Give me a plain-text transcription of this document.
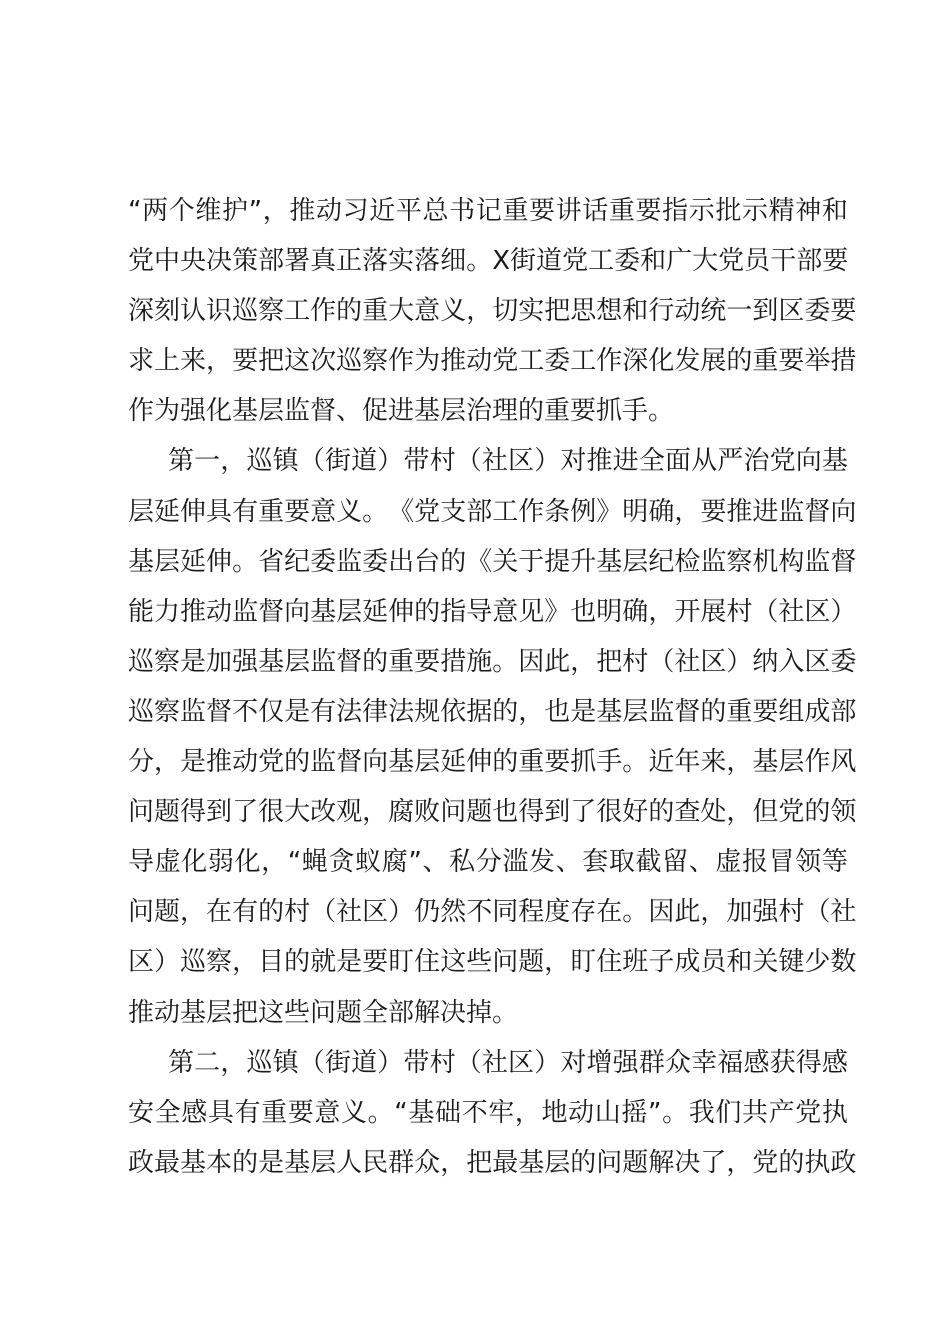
“ 两 个 维 护 ” ， 推 动 习 近 平 总 书 记 重 要 讲 话 重 要 指 示 批 示 精 神 和
党 中 央 决 策 部 署 真 正 落 实 落 细 。 X 街 道 党 工 委 和 广 大 党 员 干 部 要
深 刻 认 识 巡 察 工 作 的 重 大 意 义 ， 切 实 把 思 想 和 行 动 统 一 到 区 委 要
求 上 来 ， 要 把 这 次 巡 察 作 为 推 动 党 工 委 工 作 深 化 发 展 的 重 要 举 措
作为强化基层监督、促进基层治理的重要抓手。
第 一 ， 巡 镇 （ 街 道 ） 带 村 （ 社 区 ） 对 推 进 全 面 从 严 治 党 向 基
层 延 伸 具 有 重 要 意 义 。 《 党 支 部 工 作 条 例 》 明 确 ， 要 推 进 监 督 向
基 层 延 伸 。 省 纪 委 监 委 出 台 的 《 关 于 提 升 基 层 纪 检 监 察 机 构 监 督
能 力 推 动 监 督 向 基 层 延 伸 的 指 导 意 见 》 也 明 确 ， 开 展 村 （ 社 区 ）
巡 察 是 加 强 基 层 监 督 的 重 要 措 施 。 因 此 ， 把 村 （ 社 区 ） 纳 入 区 委
巡 察 监 督 不 仅 是 有 法 律 法 规 依 据 的 ， 也 是 基 层 监 督 的 重 要 组 成 部
分 ， 是 推 动 党 的 监 督 向 基 层 延 伸 的 重 要 抓 手 。 近 年 来 ， 基 层 作 风
问 题 得 到 了 很 大 改 观 ， 腐 败 问 题 也 得 到 了 很 好 的 查 处 ， 但 党 的 领
导 虚 化 弱 化 ， “ 蝇 贪 蚁 腐 ” 、 私 分 滥 发 、 套 取 截 留 、 虚 报 冒 领 等
问 题 ， 在 有 的 村 （ 社 区 ） 仍 然 不 同 程 度 存 在 。 因 此 ， 加 强 村 （ 社
区 ） 巡 察 ， 目 的 就 是 要 盯 住 这 些 问 题 ， 盯 住 班 子 成 员 和 关 键 少 数
推动基层把这些问题全部解决掉。
第 二 ， 巡 镇 （ 街 道 ） 带 村 （ 社 区 ） 对 增 强 群 众 幸 福 感 获 得 感
安 全 感 具 有 重 要 意 义 。 “ 基 础 不 牢 ， 地 动 山 摇 ” 。 我 们 共 产 党 执
政 最 基 本 的 是 基 层 人 民 群 众 ， 把 最 基 层 的 问 题 解 决 了 ， 党 的 执 政
